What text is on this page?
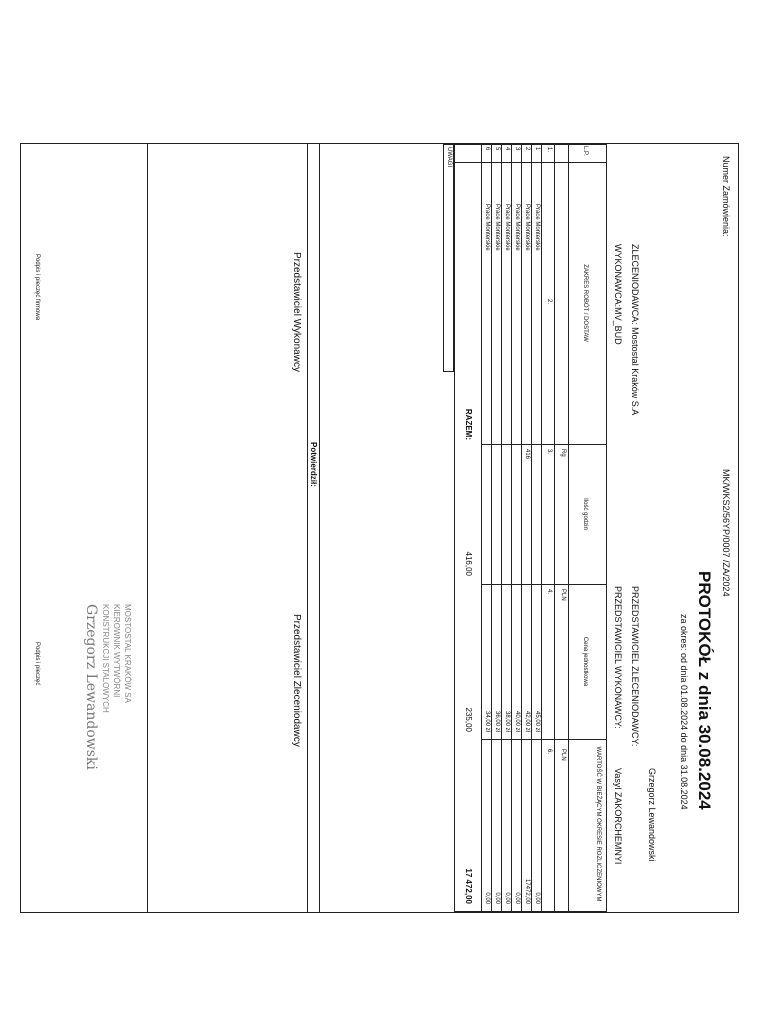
Numer Zamówienia:
MK/WKS2/56YP/0007 /ZA/2024
PROTOKÓŁ z dnia 30.08.2024
za okres: od dnia 01.08.2024 do dnia 31.08.2024
ZLECENIODAWCA: Mostostal Kraków S.A
WYKONAWCA:MV_BUD
PRZEDSTAWICIEL ZLECENIODAWCY:
Grzegorz Lewandowski
PRZEDSTAWICIEL WYKONAWCY:
Vasyl ZAKORCHEMNYI
L.P.
ZAKRES ROBÓT / DOSTAW
Ilość godzin
Cena jednostkowa
WARTOŚĆ W BIEŻĄCYM OKRESIE ROZLICZENIOWYM
Rg
PLN
PLN
1.
2.
3.
4.
6.
1
Prace Monterskie
45,00 zł
0,00
2
Prace Monterskie
416
42,00 zł
17472,00
3
Prace Monterskie
40,00 zł
0,00
4
Prace Monterskie
38,00 zł
0,00
5
Prace Monterskie
36,00 zł
0,00
6
Prace Monterskie
34,00 zł
0,00
RAZEM:
416,00
235,00
17 472,00
UWAGI
Potwierdził:
Przedstawiciel Wykonawcy
Przedstawiciel Zleceniodawcy
Podpis i pieczęć firmowa
Podpis i pieczęć	MOSTOSTAL KRAKÓW SA
KIEROWNIK WYTWÓRNI
KONSTRUKCJI STALOWYCH
Grzegorz Lewandowski
